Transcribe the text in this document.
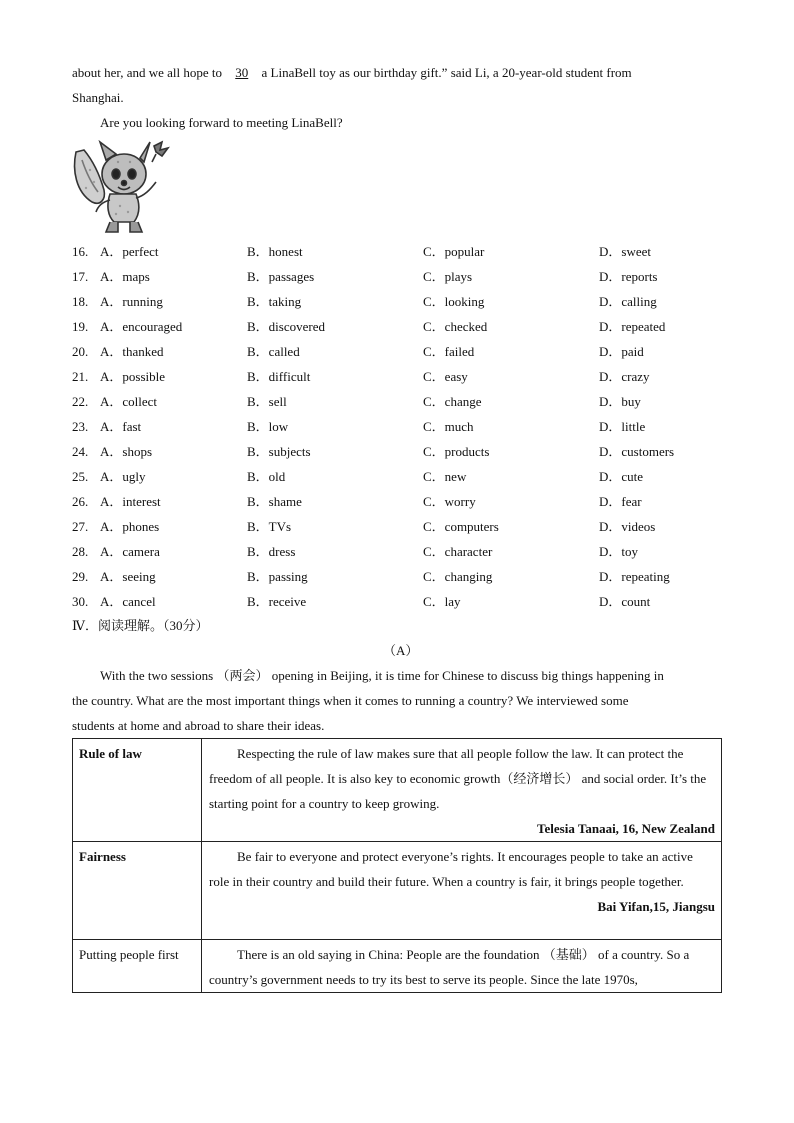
about her, and we all hope to 30 a LinaBell toy as our birthday gift.” said Li, a 20-year-old student from
Shanghai.
Are you looking forward to meeting LinaBell?
16. A．perfect	B．honest	C．popular	D．sweet
17. A．maps	B．passages	C．plays	D．reports
18. A．running	B．taking	C．looking	D．calling
19. A．encouraged	B．discovered	C．checked	D．repeated
20. A．thanked	B．called	C．failed	D．paid
21. A．possible	B．difficult	C．easy	D．crazy
22. A．collect	B．sell	C．change	D．buy
23. A．fast	B．low	C．much	D．little
24. A．shops	B．subjects	C．products	D．customers
25. A．ugly	B．old	C．new	D．cute
26. A．interest	B．shame	C．worry	D．fear
27. A．phones	B．TVs	C．computers	D．videos
28. A．camera	B．dress	C．character	D．toy
29. A．seeing	B．passing	C．changing	D．repeating
30. A．cancel	B．receive	C．lay	D．count
Ⅳ．阅读理解。（30分）
（A）
With the two sessions （两会） opening in Beijing, it is time for Chinese to discuss big things happening in
the country. What are the most important things when it comes to running a country? We interviewed some
students at home and abroad to share their ideas.
Rule of law	Respecting the rule of law makes sure that all people follow the law. It can protect the freedom of all people. It is also key to economic growth（经济增长） and social order. It’s the starting point for a country to keep growing.
Telesia Tanaai, 16, New Zealand

Fairness	Be fair to everyone and protect everyone’s rights. It encourages people to take an active role in their country and build their future. When a country is fair, it brings people together.
Bai Yifan,15, Jiangsu

Putting people first	There is an old saying in China: People are the foundation （基础） of a country. So a country’s government needs to try its best to serve its people. Since the late 1970s,
